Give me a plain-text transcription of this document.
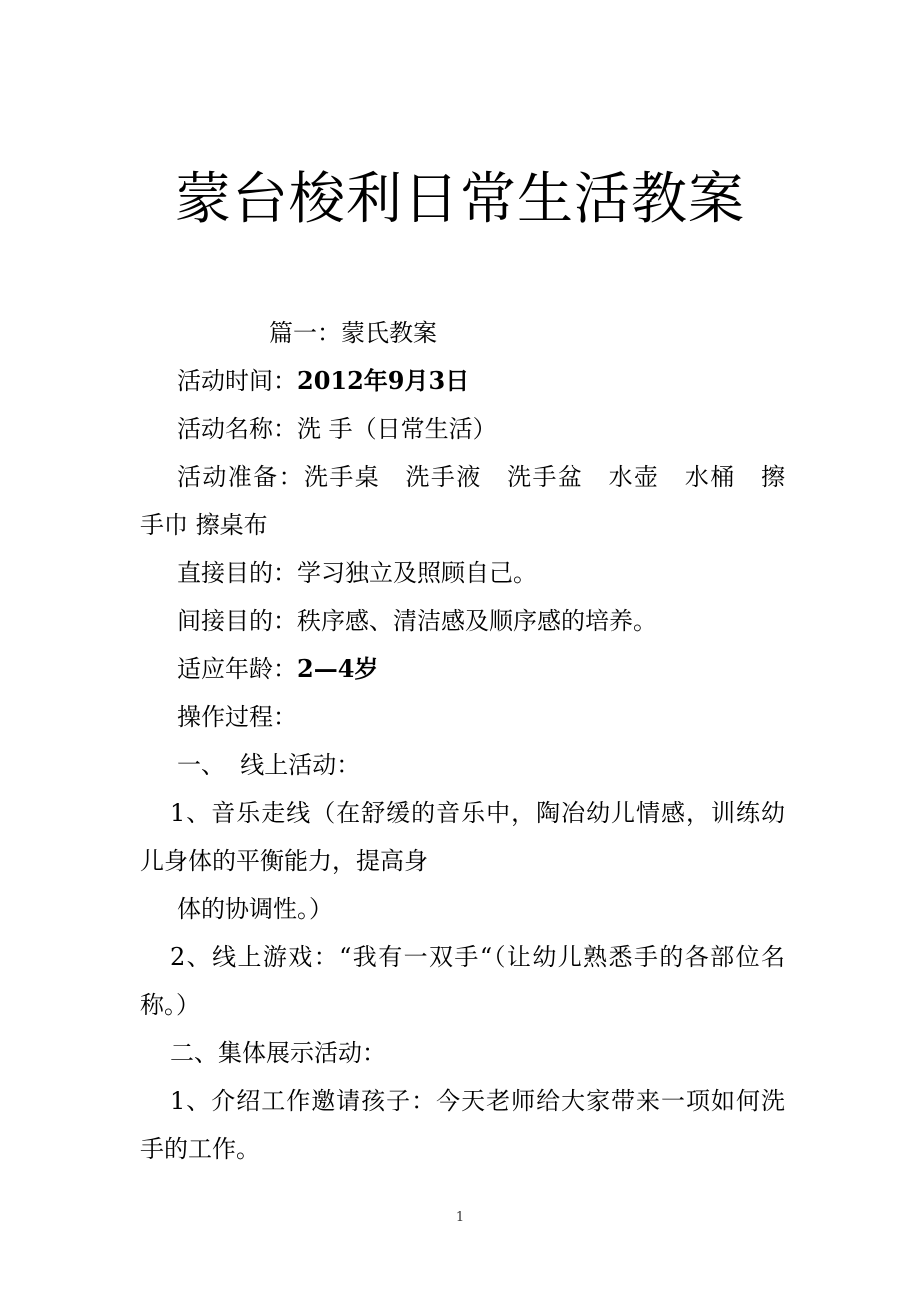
蒙台梭利日常生活教案
篇一：蒙氏教案
活动时间：2012年9月3日
活动名称：洗 手（日常生活）
活动准备：洗手桌　洗手液　洗手盆　水壶　水桶　擦
手巾 擦桌布
直接目的：学习独立及照顾自己。
间接目的：秩序感、清洁感及顺序感的培养。
适应年龄：2—4岁
操作过程：
一、  线上活动：
1、音乐走线（在舒缓的音乐中，陶冶幼儿情感，训练幼
儿身体的平衡能力，提高身
体的协调性。）
2、线上游戏：“我有一双手“（让幼儿熟悉手的各部位名
称。）
二、集体展示活动：
1、介绍工作邀请孩子：今天老师给大家带来一项如何洗
手的工作。
1
